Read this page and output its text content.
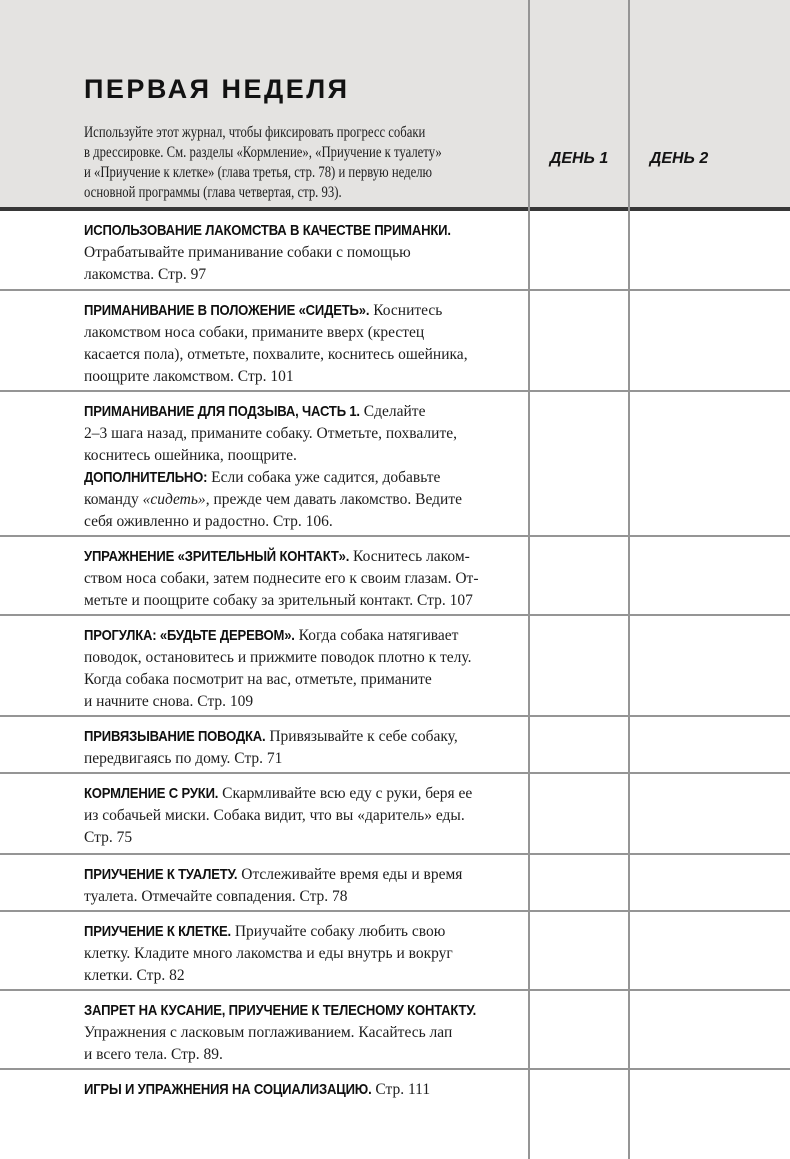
ПЕРВАЯ НЕДЕЛЯ
Используйте этот журнал, чтобы фиксировать прогресс собаки
в дрессировке. См. разделы «Кормление», «Приучение к туалету»
и «Приучение к клетке» (глава третья, стр. 78) и первую неделю
основной программы (глава четвертая, стр. 93).
ДЕНЬ 1	ДЕНЬ 2
ИСПОЛЬЗОВАНИЕ ЛАКОМСТВА В КАЧЕСТВЕ ПРИМАНКИ.
Отрабатывайте приманивание собаки с помощью
лакомства. Стр. 97
ПРИМАНИВАНИЕ В ПОЛОЖЕНИЕ «СИДЕТЬ». Коснитесь
лакомством носа собаки, приманите вверх (крестец
касается пола), отметьте, похвалите, коснитесь ошейника,
поощрите лакомством. Стр. 101
ПРИМАНИВАНИЕ ДЛЯ ПОДЗЫВА, ЧАСТЬ 1. Сделайте
2–3 шага назад, приманите собаку. Отметьте, похвалите,
коснитесь ошейника, поощрите.
ДОПОЛНИТЕЛЬНО: Если собака уже садится, добавьте
команду «сидеть», прежде чем давать лакомство. Ведите
себя оживленно и радостно. Стр. 106.
УПРАЖНЕНИЕ «ЗРИТЕЛЬНЫЙ КОНТАКТ». Коснитесь лаком-
ством носа собаки, затем поднесите его к своим глазам. От-
метьте и поощрите собаку за зрительный контакт. Стр. 107
ПРОГУЛКА: «БУДЬТЕ ДЕРЕВОМ». Когда собака натягивает
поводок, остановитесь и прижмите поводок плотно к телу.
Когда собака посмотрит на вас, отметьте, приманите
и начните снова. Стр. 109
ПРИВЯЗЫВАНИЕ ПОВОДКА. Привязывайте к себе собаку,
передвигаясь по дому. Стр. 71
КОРМЛЕНИЕ С РУКИ. Скармливайте всю еду с руки, беря ее
из собачьей миски. Собака видит, что вы «даритель» еды.
Стр. 75
ПРИУЧЕНИЕ К ТУАЛЕТУ. Отслеживайте время еды и время
туалета. Отмечайте совпадения. Стр. 78
ПРИУЧЕНИЕ К КЛЕТКЕ. Приучайте собаку любить свою
клетку. Кладите много лакомства и еды внутрь и вокруг
клетки. Стр. 82
ЗАПРЕТ НА КУСАНИЕ, ПРИУЧЕНИЕ К ТЕЛЕСНОМУ КОНТАКТУ.
Упражнения с ласковым поглаживанием. Касайтесь лап
и всего тела. Стр. 89.
ИГРЫ И УПРАЖНЕНИЯ НА СОЦИАЛИЗАЦИЮ. Стр. 111
